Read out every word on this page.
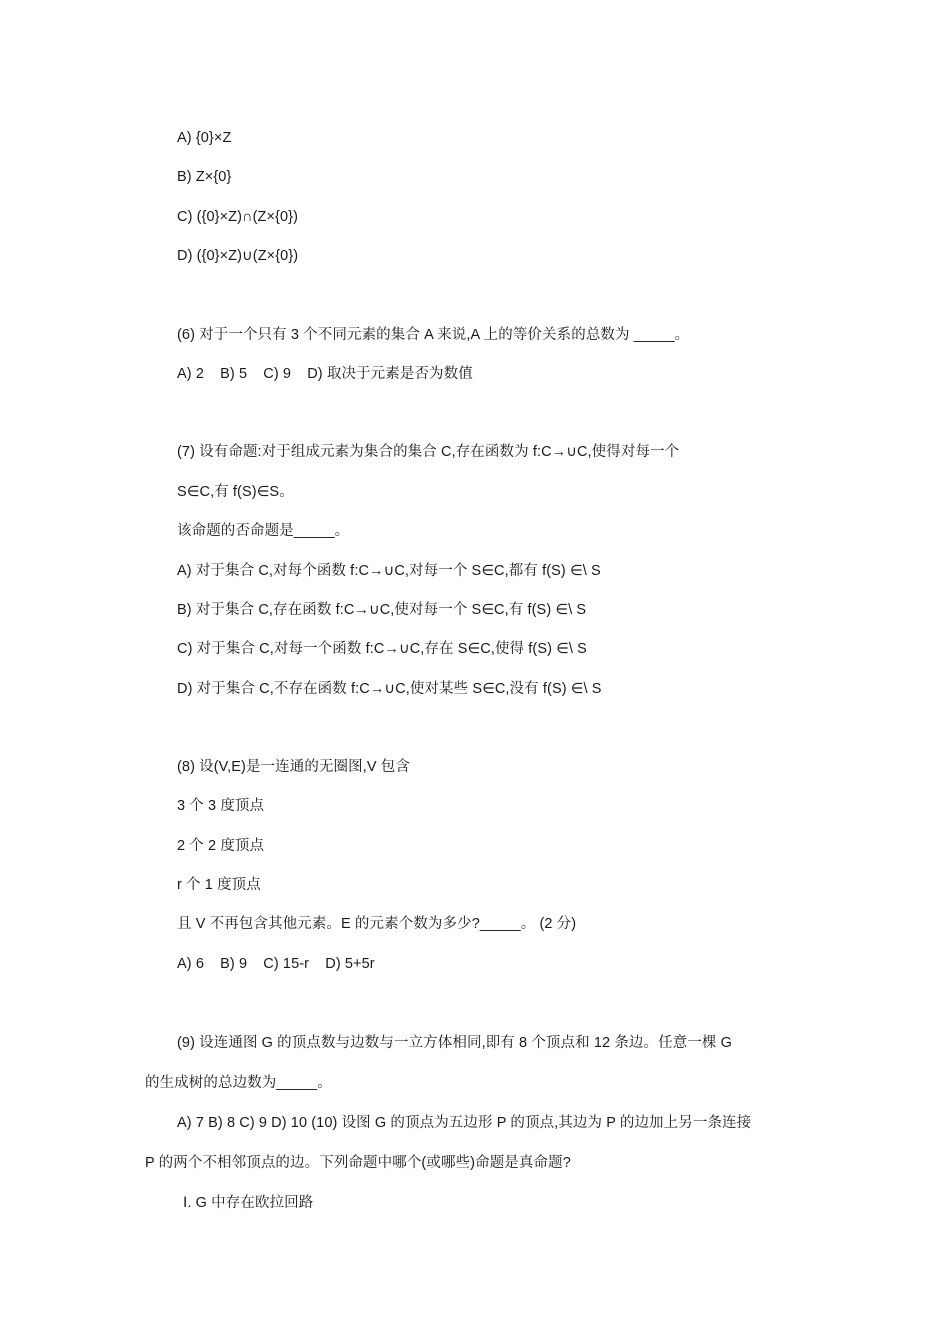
A) {0}×Z
B) Z×{0}
C) ({0}×Z)∩(Z×{0})
D) ({0}×Z)∪(Z×{0})
(6) 对于一个只有 3 个不同元素的集合 A 来说,A 上的等价关系的总数为 _____。
A) 2 B) 5 C) 9 D) 取决于元素是否为数值
(7) 设有命题:对于组成元素为集合的集合 C,存在函数为 f:C→∪C,使得对每一个
S∈C,有 f(S)∈S。
该命题的否命题是_____。
A) 对于集合 C,对每个函数 f:C→∪C,对每一个 S∈C,都有 f(S) ∈\ S
B) 对于集合 C,存在函数 f:C→∪C,使对每一个 S∈C,有 f(S) ∈\ S
C) 对于集合 C,对每一个函数 f:C→∪C,存在 S∈C,使得 f(S) ∈\ S
D) 对于集合 C,不存在函数 f:C→∪C,使对某些 S∈C,没有 f(S) ∈\ S
(8) 设(V,E)是一连通的无圈图,V 包含
3 个 3 度顶点
2 个 2 度顶点
r 个 1 度顶点
且 V 不再包含其他元素。E 的元素个数为多少?_____。 (2 分)
A) 6 B) 9 C) 15-r D) 5+5r
(9) 设连通图 G 的顶点数与边数与一立方体相同,即有 8 个顶点和 12 条边。任意一棵 G
的生成树的总边数为_____。
A) 7 B) 8 C) 9 D) 10 (10) 设图 G 的顶点为五边形 P 的顶点,其边为 P 的边加上另一条连接
P 的两个不相邻顶点的边。下列命题中哪个(或哪些)命题是真命题?
Ⅰ. G 中存在欧拉回路
